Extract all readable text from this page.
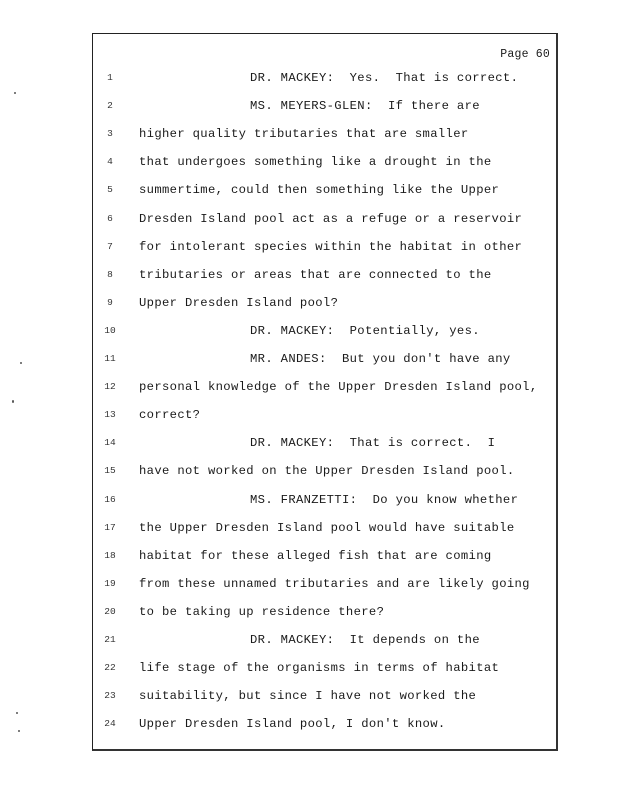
Page 60
1	DR. MACKEY:  Yes.  That is correct.
2	MS. MEYERS-GLEN:  If there are
3	higher quality tributaries that are smaller
4	that undergoes something like a drought in the
5	summertime, could then something like the Upper
6	Dresden Island pool act as a refuge or a reservoir
7	for intolerant species within the habitat in other
8	tributaries or areas that are connected to the
9	Upper Dresden Island pool?
10	DR. MACKEY:  Potentially, yes.
11	MR. ANDES:  But you don't have any
12 personal knowledge of the Upper Dresden Island pool,
13 correct?
14	DR. MACKEY:  That is correct.  I
15 have not worked on the Upper Dresden Island pool.
16	MS. FRANZETTI:  Do you know whether
17 the Upper Dresden Island pool would have suitable
18 habitat for these alleged fish that are coming
19 from these unnamed tributaries and are likely going
20 to be taking up residence there?
21	DR. MACKEY:  It depends on the
22 life stage of the organisms in terms of habitat
23 suitability, but since I have not worked the
24 Upper Dresden Island pool, I don't know.
